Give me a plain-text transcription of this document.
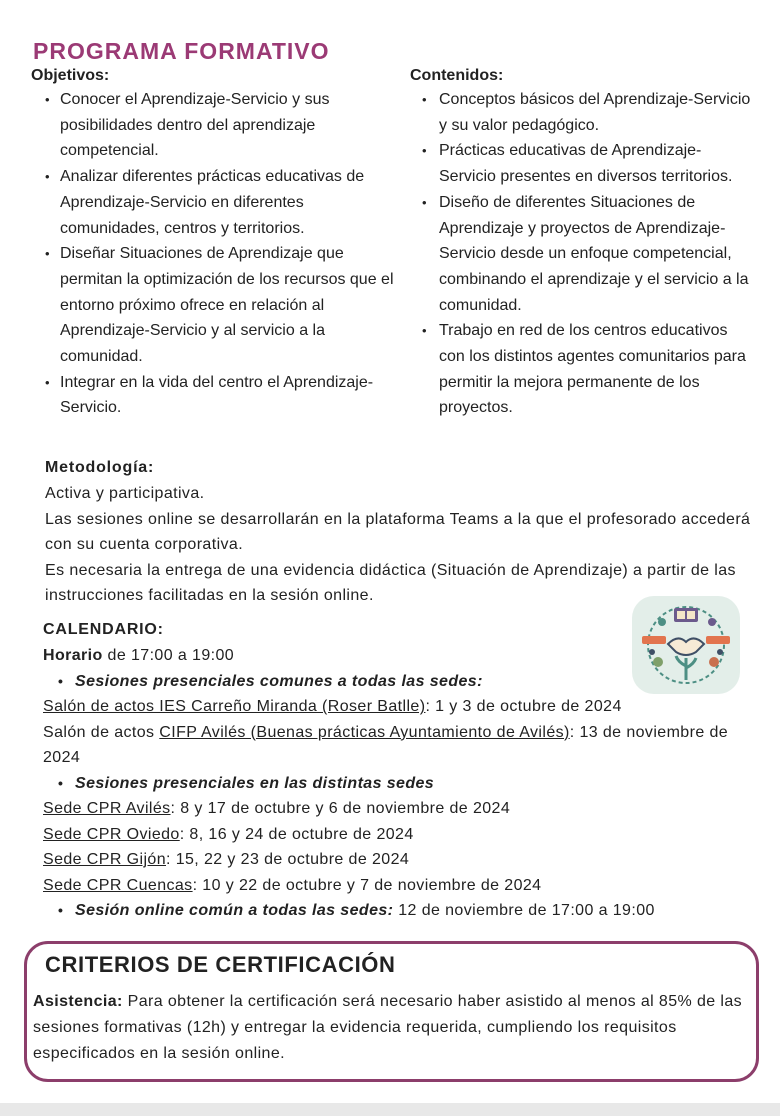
PROGRAMA FORMATIVO
Objetivos:
• Conocer el Aprendizaje-Servicio y sus posibilidades dentro del aprendizaje competencial.
• Analizar diferentes prácticas educativas de Aprendizaje-Servicio en diferentes comunidades, centros y territorios.
• Diseñar Situaciones de Aprendizaje que permitan la optimización de los recursos que el entorno próximo ofrece en relación al Aprendizaje-Servicio y al servicio a la comunidad.
• Integrar en la vida del centro el Aprendizaje-Servicio.
Contenidos:
• Conceptos básicos del Aprendizaje-Servicio y su valor pedagógico.
• Prácticas educativas de Aprendizaje-Servicio presentes en diversos territorios.
• Diseño de diferentes Situaciones de Aprendizaje y proyectos de Aprendizaje-Servicio desde un enfoque competencial, combinando el aprendizaje y el servicio a la comunidad.
• Trabajo en red de los centros educativos con los distintos agentes comunitarios para permitir la mejora permanente de los proyectos.
Metodología:

Activa y participativa.

Las sesiones online se desarrollarán en la plataforma Teams a la que el profesorado accederá con su cuenta corporativa.

Es necesaria la entrega de una evidencia didáctica (Situación de Aprendizaje) a partir de las instrucciones facilitadas en la sesión online.

CALENDARIO:

Horario de 17:00 a 19:00

• Sesiones presenciales comunes a todas las sedes:

Salón de actos IES Carreño Miranda (Roser Batlle): 1 y 3 de octubre de 2024

Salón de actos CIFP Avilés (Buenas prácticas Ayuntamiento de Avilés): 13 de noviembre de 2024

• Sesiones presenciales en las distintas sedes

Sede CPR Avilés: 8 y 17 de octubre y 6 de noviembre de 2024

Sede CPR Oviedo: 8, 16 y 24 de octubre de 2024

Sede CPR Gijón: 15, 22 y 23 de octubre de 2024

Sede CPR Cuencas: 10 y 22 de octubre y 7 de noviembre de 2024

• Sesión online común a todas las sedes: 12 de noviembre de 17:00 a 19:00

CRITERIOS DE CERTIFICACIÓN

Asistencia: Para obtener la certificación será necesario haber asistido al menos al 85% de las sesiones formativas (12h) y entregar la evidencia requerida, cumpliendo los requisitos especificados en la sesión online.
